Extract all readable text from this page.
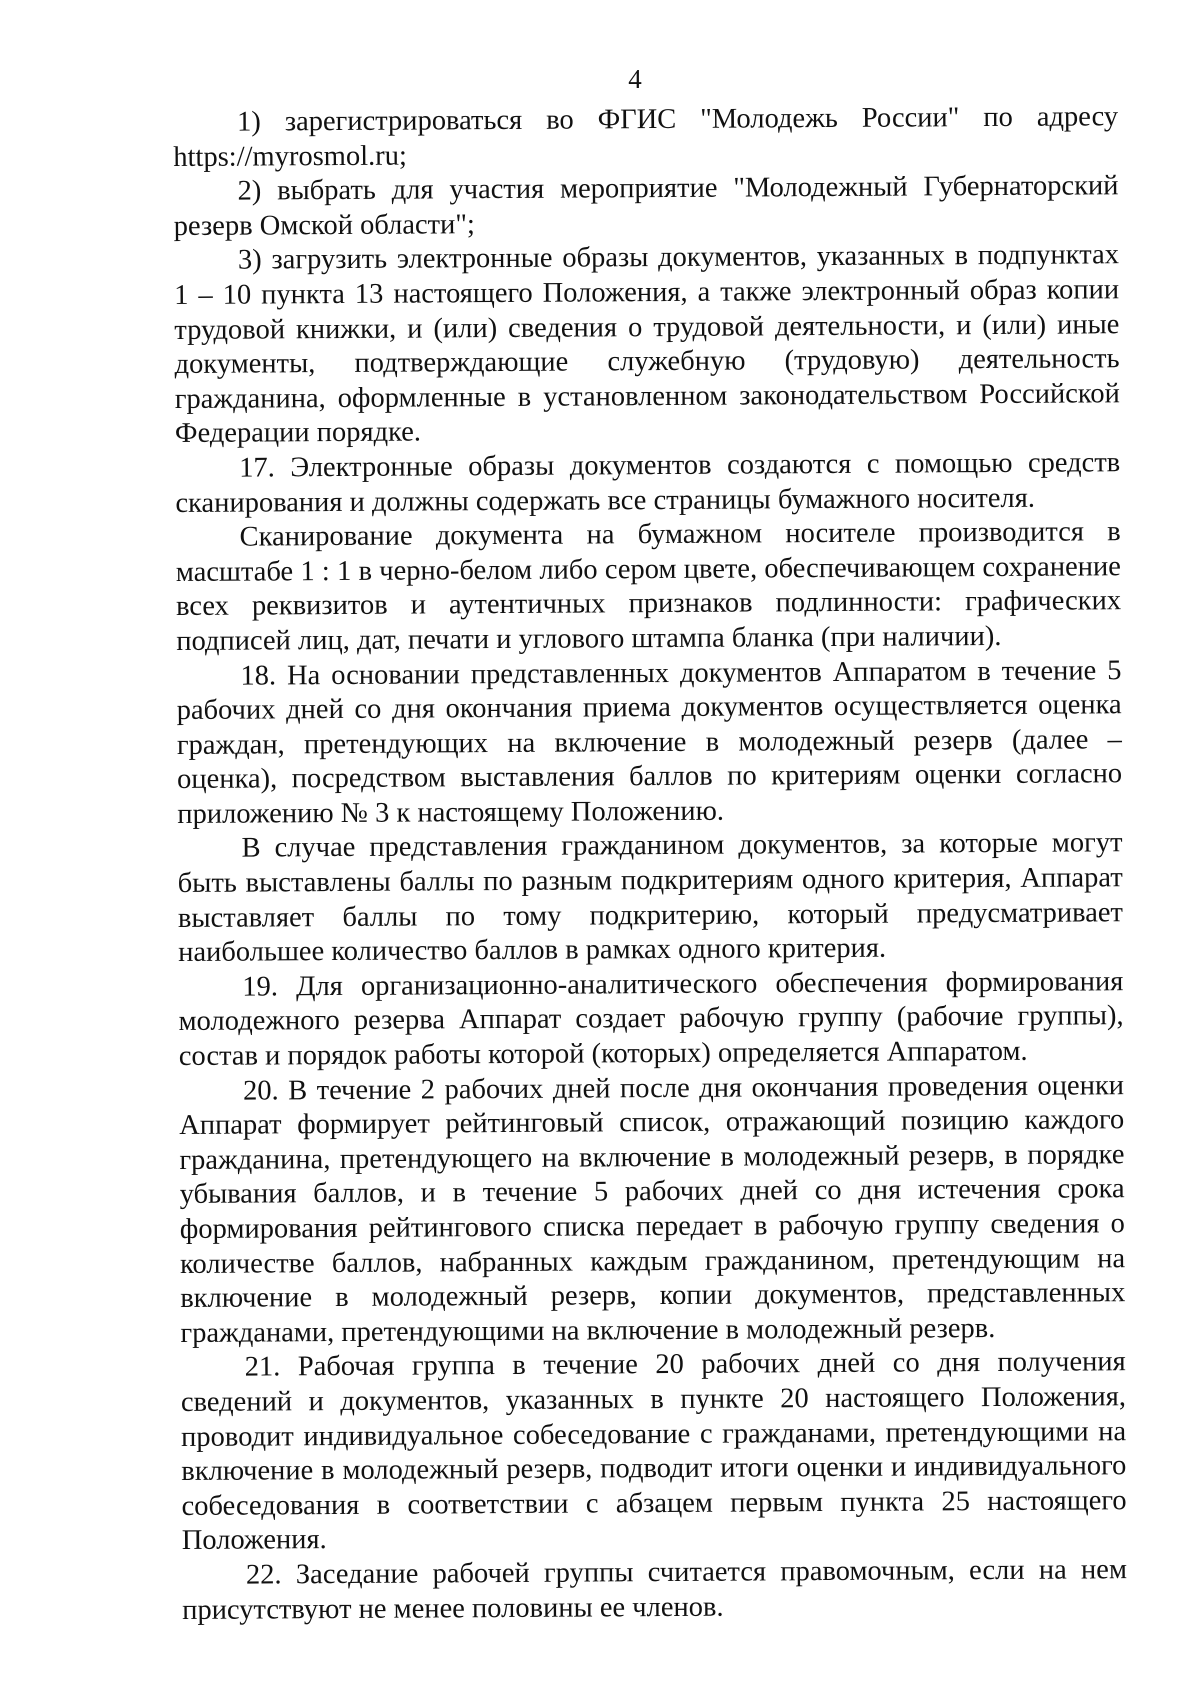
4

1) зарегистрироваться во ФГИС "Молодежь России" по адресу https://myrosmol.ru;

2) выбрать для участия мероприятие "Молодежный Губернаторский резерв Омской области";

3) загрузить электронные образы документов, указанных в подпунктах 1 – 10 пункта 13 настоящего Положения, а также электронный образ копии трудовой книжки, и (или) сведения о трудовой деятельности, и (или) иные документы, подтверждающие служебную (трудовую) деятельность гражданина, оформленные в установленном законодательством Российской Федерации порядке.

17. Электронные образы документов создаются с помощью средств сканирования и должны содержать все страницы бумажного носителя.

Сканирование документа на бумажном носителе производится в масштабе 1 : 1 в черно-белом либо сером цвете, обеспечивающем сохранение всех реквизитов и аутентичных признаков подлинности: графических подписей лиц, дат, печати и углового штампа бланка (при наличии).

18. На основании представленных документов Аппаратом в течение 5 рабочих дней со дня окончания приема документов осуществляется оценка граждан, претендующих на включение в молодежный резерв (далее – оценка), посредством выставления баллов по критериям оценки согласно приложению № 3 к настоящему Положению.

В случае представления гражданином документов, за которые могут быть выставлены баллы по разным подкритериям одного критерия, Аппарат выставляет баллы по тому подкритерию, который предусматривает наибольшее количество баллов в рамках одного критерия.

19. Для организационно-аналитического обеспечения формирования молодежного резерва Аппарат создает рабочую группу (рабочие группы), состав и порядок работы которой (которых) определяется Аппаратом.

20. В течение 2 рабочих дней после дня окончания проведения оценки Аппарат формирует рейтинговый список, отражающий позицию каждого гражданина, претендующего на включение в молодежный резерв, в порядке убывания баллов, и в течение 5 рабочих дней со дня истечения срока формирования рейтингового списка передает в рабочую группу сведения о количестве баллов, набранных каждым гражданином, претендующим на включение в молодежный резерв, копии документов, представленных гражданами, претендующими на включение в молодежный резерв.

21. Рабочая группа в течение 20 рабочих дней со дня получения сведений и документов, указанных в пункте 20 настоящего Положения, проводит индивидуальное собеседование с гражданами, претендующими на включение в молодежный резерв, подводит итоги оценки и индивидуального собеседования в соответствии с абзацем первым пункта 25 настоящего Положения.

22. Заседание рабочей группы считается правомочным, если на нем присутствуют не менее половины ее членов.
